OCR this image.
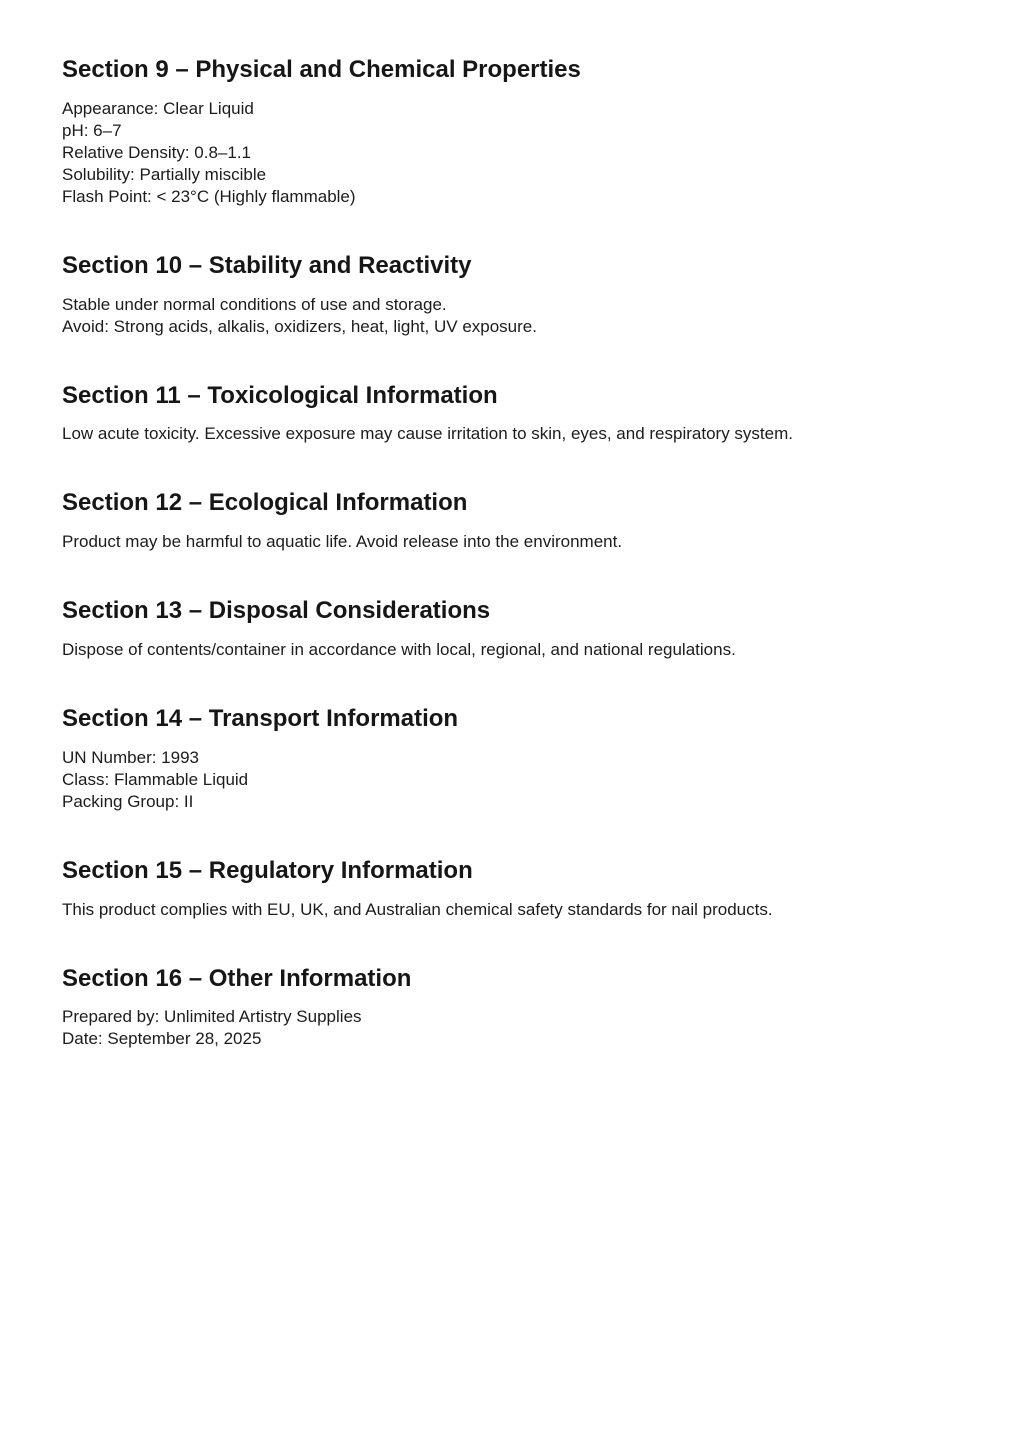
Section 9 – Physical and Chemical Properties

Appearance: Clear Liquid

pH: 6–7

Relative Density: 0.8–1.1

Solubility: Partially miscible

Flash Point: < 23°C (Highly flammable)

Section 10 – Stability and Reactivity

Stable under normal conditions of use and storage.

Avoid: Strong acids, alkalis, oxidizers, heat, light, UV exposure.

Section 11 – Toxicological Information

Low acute toxicity. Excessive exposure may cause irritation to skin, eyes, and respiratory system.

Section 12 – Ecological Information

Product may be harmful to aquatic life. Avoid release into the environment.

Section 13 – Disposal Considerations

Dispose of contents/container in accordance with local, regional, and national regulations.

Section 14 – Transport Information

UN Number: 1993

Class: Flammable Liquid

Packing Group: II

Section 15 – Regulatory Information

This product complies with EU, UK, and Australian chemical safety standards for nail products.

Section 16 – Other Information

Prepared by: Unlimited Artistry Supplies

Date: September 28, 2025
